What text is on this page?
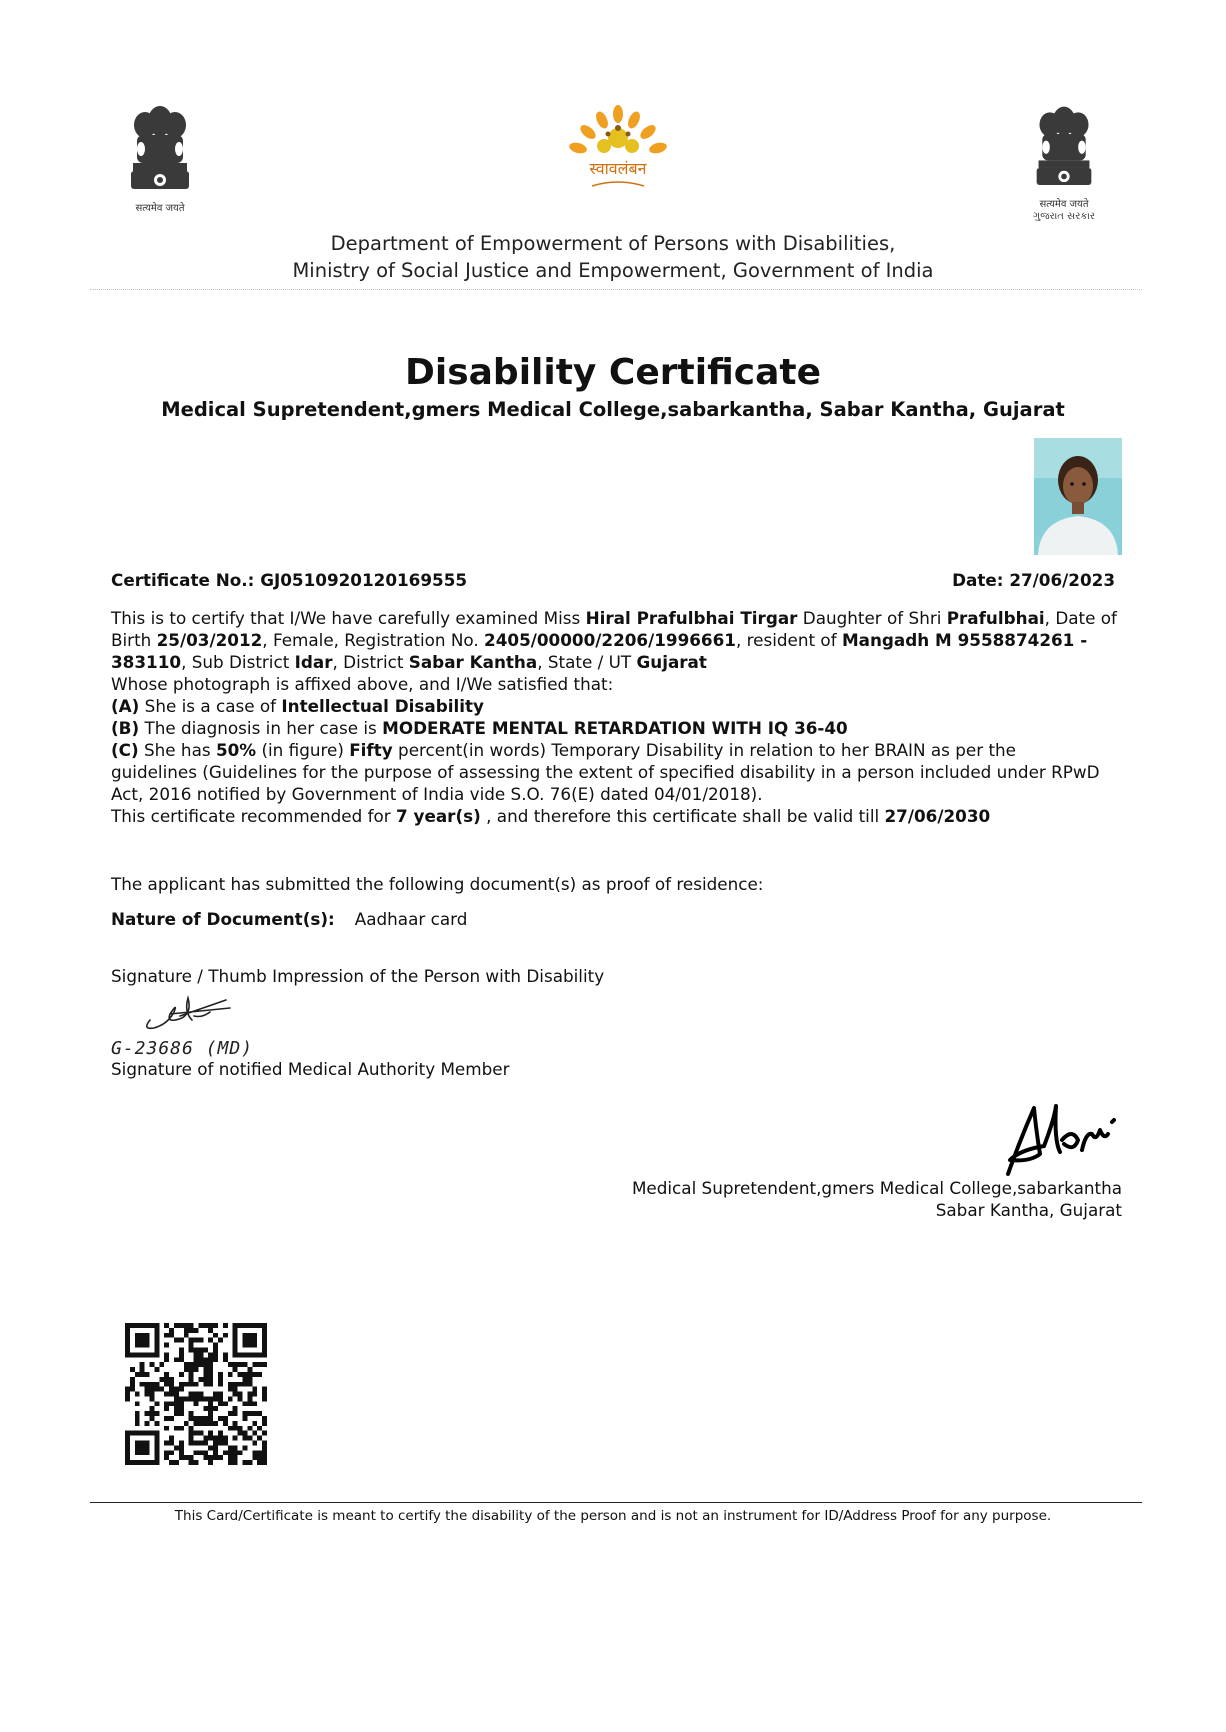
सत्यमेव जयते
स्वावलंबन
सत्यमेव जयते
ગુજરાત સરકાર
Department of Empowerment of Persons with Disabilities,
Ministry of Social Justice and Empowerment, Government of India
Disability Certificate
Medical Supretendent,gmers Medical College,sabarkantha, Sabar Kantha, Gujarat
Certificate No.: GJ0510920120169555	Date: 27/06/2023
This is to certify that I/We have carefully examined Miss Hiral Prafulbhai Tirgar Daughter of Shri Prafulbhai, Date of
Birth 25/03/2012, Female, Registration No. 2405/00000/2206/1996661, resident of Mangadh M 9558874261 -
383110, Sub District Idar, District Sabar Kantha, State / UT Gujarat
Whose photograph is affixed above, and I/We satisfied that:
(A) She is a case of Intellectual Disability
(B) The diagnosis in her case is MODERATE MENTAL RETARDATION WITH IQ 36-40
(C) She has 50% (in figure) Fifty percent(in words) Temporary Disability in relation to her BRAIN as per the
guidelines (Guidelines for the purpose of assessing the extent of specified disability in a person included under RPwD
Act, 2016 notified by Government of India vide S.O. 76(E) dated 04/01/2018).
This certificate recommended for 7 year(s) , and therefore this certificate shall be valid till 27/06/2030
The applicant has submitted the following document(s) as proof of residence:
Nature of Document(s): Aadhaar card
Signature / Thumb Impression of the Person with Disability
G-23686 (MD)
Signature of notified Medical Authority Member
Medical Supretendent,gmers Medical College,sabarkantha
Sabar Kantha, Gujarat
This Card/Certificate is meant to certify the disability of the person and is not an instrument for ID/Address Proof for any purpose.
